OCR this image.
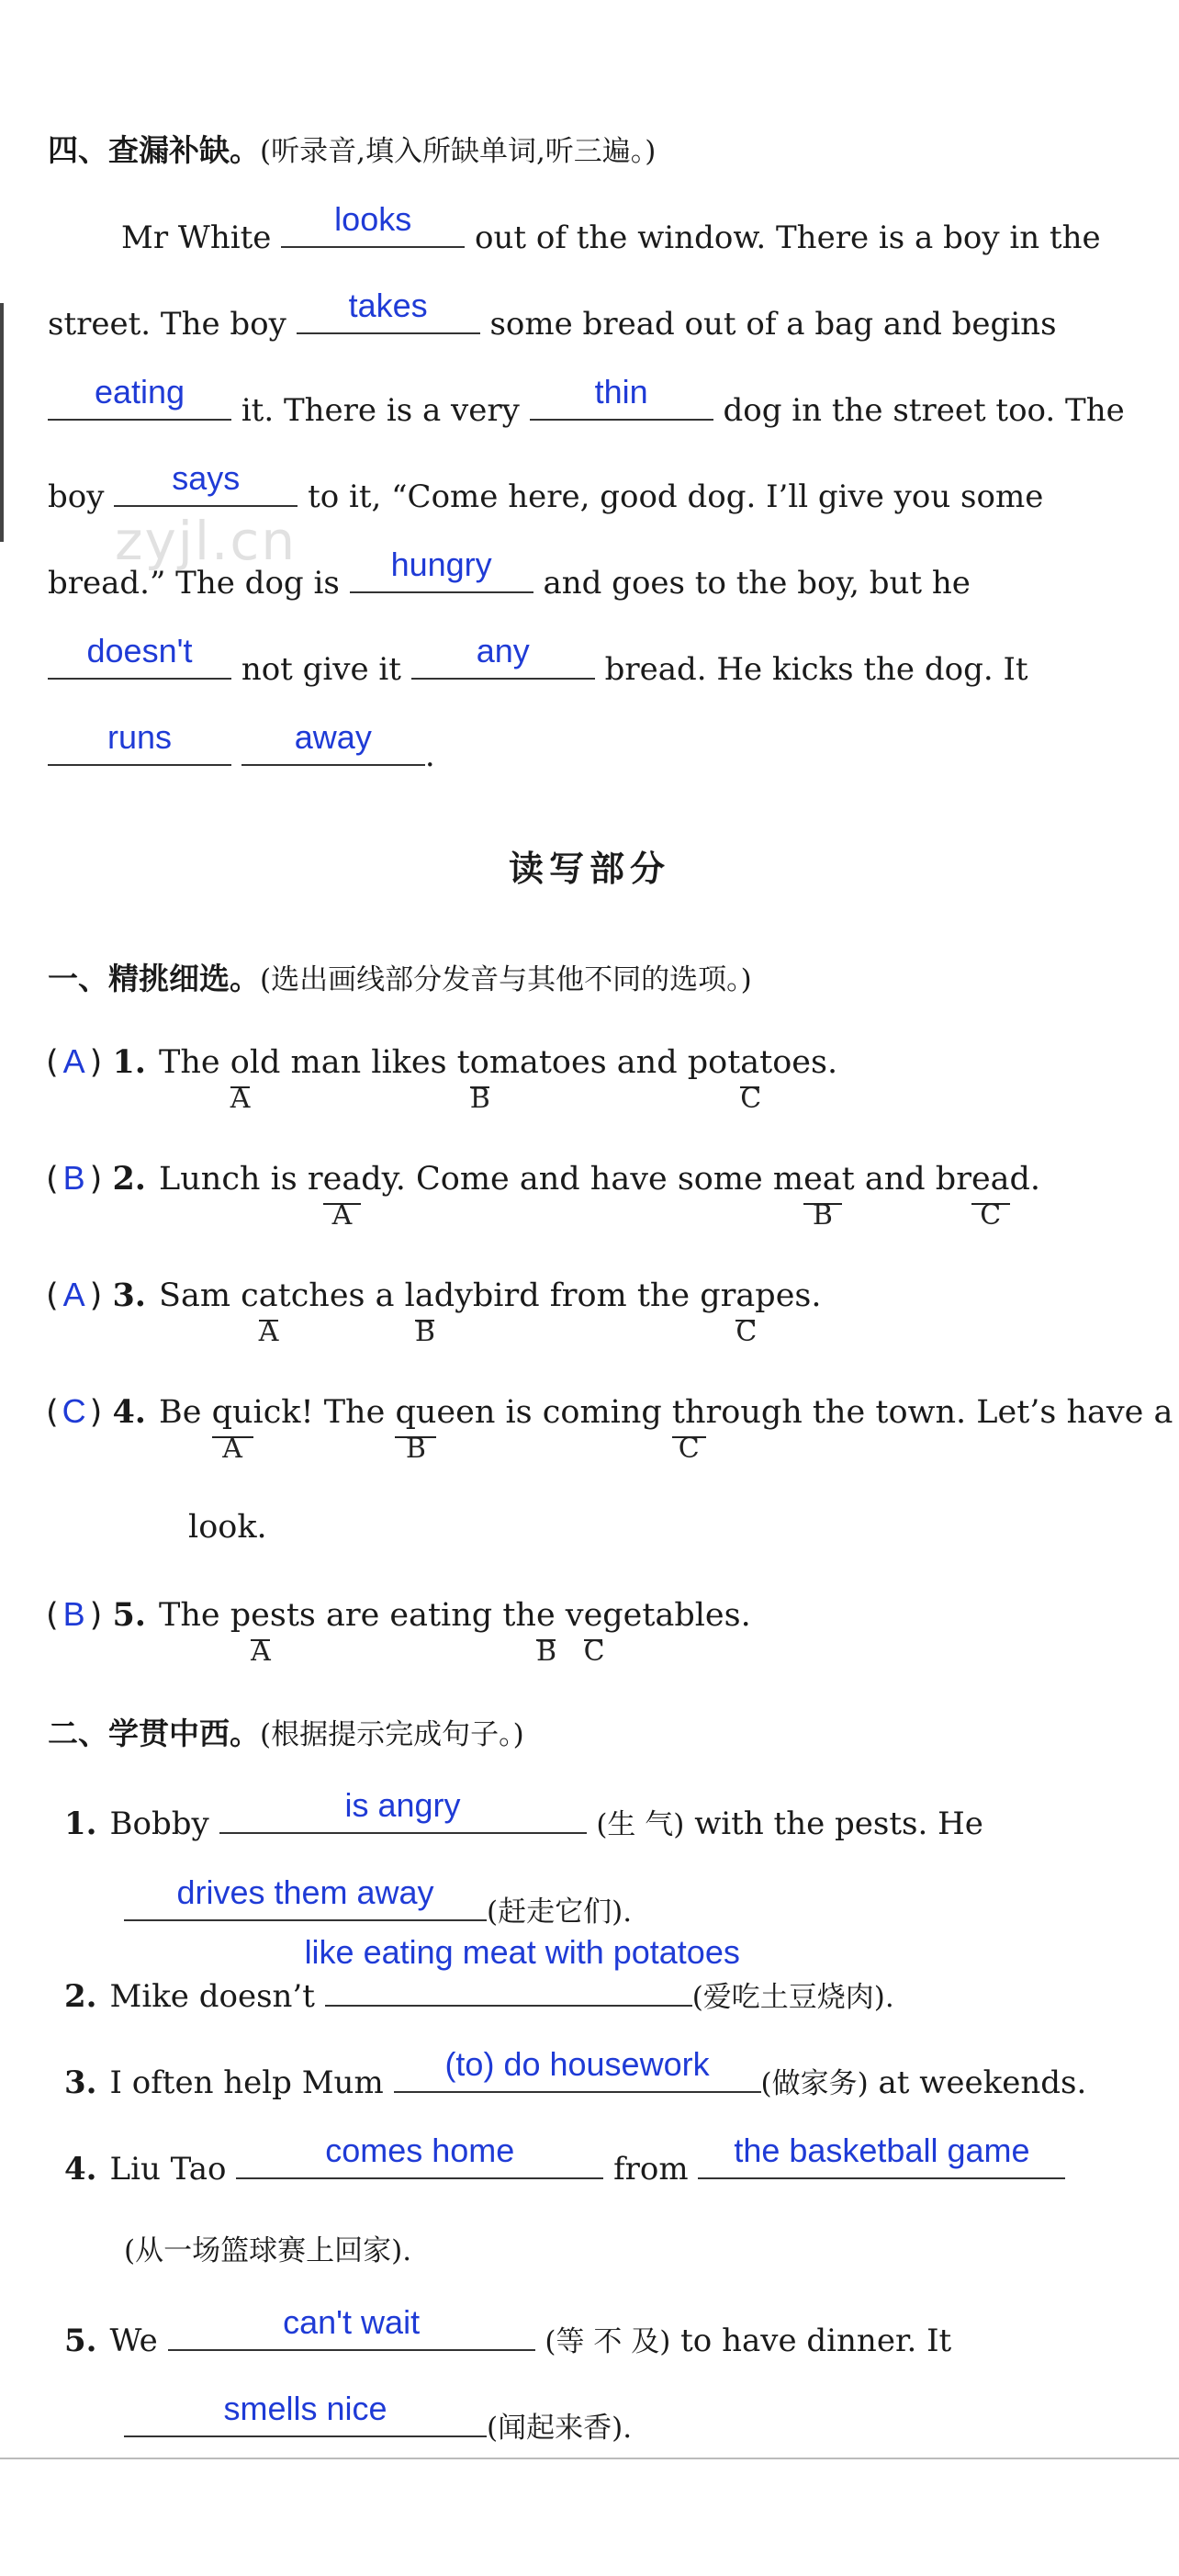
zyjl.cn
四、查漏补缺。(听录音,填入所缺单词,听三遍。)
Mr White	looks	out of the window. There is a boy in the
street. The boy	takes	some bread out of a bag and begins
eating	it. There is a very	thin	dog in the street too. The
boy	says	to it, “Come here, good dog. I’ll give you some
bread.” The dog is	hungry	and goes to the boy, but he
doesn't	not give it	any	bread. He kicks the dog. It
runs
	away	.
读写部分
一、精挑细选。(选出画线部分发音与其他不同的选项。)
( A ) 1. The o
A
ld man likes to
B
matoes and pota
C
toes.
( B ) 2. Lunch is rea
A
dy. Come and have some mea
B
t and brea
C
d.
( A ) 3. Sam ca
A
tches a la
B
dybird from the gra
C
pes.
( C ) 4. Be qu
A
ick! The qu
B
een is coming th
C
rough the town. Let’s have a
look.
( B ) 5. The pe
A
sts are eating the
B
ve
C
getables.
二、学贯中西。(根据提示完成句子。)
1. Bobby	is angry
(生 气) with the pests. He
drives them away
(赶走它们).
2. Mike doesn’t
like eating meat with potatoes
(爱吃土豆烧肉).
3. I often help Mum	(to) do housework
(做家务) at weekends.
4. Liu Tao	comes home	from	the basketball game
(从一场篮球赛上回家).
5. We	can't wait
(等 不 及) to have dinner. It
smells nice
(闻起来香).
